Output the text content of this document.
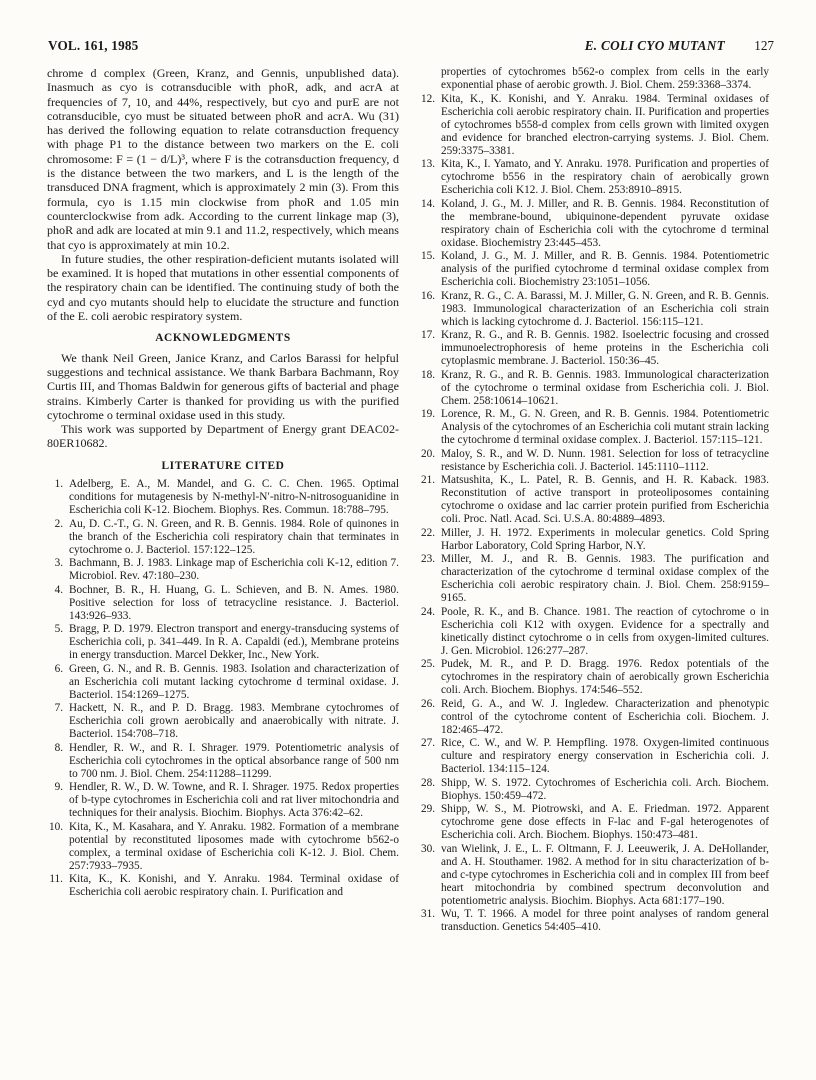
VOL. 161, 1985	E. COLI CYO MUTANT 127

chrome d complex (Green, Kranz, and Gennis, unpublished data). Inasmuch as cyo is cotransducible with phoR, adk, and acrA at frequencies of 7, 10, and 44%, respectively, but cyo and purE are not cotransducible, cyo must be situated between phoR and acrA. Wu (31) has derived the following equation to relate cotransduction frequency with phage P1 to the distance between two markers on the E. coli chromosome: F = (1 − d/L)³, where F is the cotransduction frequency, d is the distance between the two markers, and L is the length of the transduced DNA fragment, which is approximately 2 min (3). From this formula, cyo is 1.15 min clockwise from phoR and 1.05 min counterclockwise from adk. According to the current linkage map (3), phoR and adk are located at min 9.1 and 11.2, respectively, which means that cyo is approximately at min 10.2.

In future studies, the other respiration-deficient mutants isolated will be examined. It is hoped that mutations in other essential components of the respiratory chain can be identified. The continuing study of both the cyd and cyo mutants should help to elucidate the structure and function of the E. coli aerobic respiratory system.

ACKNOWLEDGMENTS

We thank Neil Green, Janice Kranz, and Carlos Barassi for helpful suggestions and technical assistance. We thank Barbara Bachmann, Roy Curtis III, and Thomas Baldwin for generous gifts of bacterial and phage strains. Kimberly Carter is thanked for providing us with the purified cytochrome o terminal oxidase used in this study.

This work was supported by Department of Energy grant DEAC02-80ER10682.

LITERATURE CITED
1. Adelberg, E. A., M. Mandel, and G. C. C. Chen. 1965. Optimal conditions for mutagenesis by N-methyl-N′-nitro-N-nitrosoguanidine in Escherichia coli K-12. Biochem. Biophys. Res. Commun. 18:788–795.
2. Au, D. C.-T., G. N. Green, and R. B. Gennis. 1984. Role of quinones in the branch of the Escherichia coli respiratory chain that terminates in cytochrome o. J. Bacteriol. 157:122–125.
3. Bachmann, B. J. 1983. Linkage map of Escherichia coli K-12, edition 7. Microbiol. Rev. 47:180–230.
4. Bochner, B. R., H. Huang, G. L. Schieven, and B. N. Ames. 1980. Positive selection for loss of tetracycline resistance. J. Bacteriol. 143:926–933.
5. Bragg, P. D. 1979. Electron transport and energy-transducing systems of Escherichia coli, p. 341–449. In R. A. Capaldi (ed.), Membrane proteins in energy transduction. Marcel Dekker, Inc., New York.
6. Green, G. N., and R. B. Gennis. 1983. Isolation and characterization of an Escherichia coli mutant lacking cytochrome d terminal oxidase. J. Bacteriol. 154:1269–1275.
7. Hackett, N. R., and P. D. Bragg. 1983. Membrane cytochromes of Escherichia coli grown aerobically and anaerobically with nitrate. J. Bacteriol. 154:708–718.
8. Hendler, R. W., and R. I. Shrager. 1979. Potentiometric analysis of Escherichia coli cytochromes in the optical absorbance range of 500 nm to 700 nm. J. Biol. Chem. 254:11288–11299.
9. Hendler, R. W., D. W. Towne, and R. I. Shrager. 1975. Redox properties of b-type cytochromes in Escherichia coli and rat liver mitochondria and techniques for their analysis. Biochim. Biophys. Acta 376:42–62.
10. Kita, K., M. Kasahara, and Y. Anraku. 1982. Formation of a membrane potential by reconstituted liposomes made with cytochrome b562-o complex, a terminal oxidase of Escherichia coli K-12. J. Biol. Chem. 257:7933–7935.
11. Kita, K., K. Konishi, and Y. Anraku. 1984. Terminal oxidase of Escherichia coli aerobic respiratory chain. I. Purification and
properties of cytochromes b562-o complex from cells in the early exponential phase of aerobic growth. J. Biol. Chem. 259:3368–3374.
12. Kita, K., K. Konishi, and Y. Anraku. 1984. Terminal oxidases of Escherichia coli aerobic respiratory chain. II. Purification and properties of cytochromes b558-d complex from cells grown with limited oxygen and evidence for branched electron-carrying systems. J. Biol. Chem. 259:3375–3381.
13. Kita, K., I. Yamato, and Y. Anraku. 1978. Purification and properties of cytochrome b556 in the respiratory chain of aerobically grown Escherichia coli K12. J. Biol. Chem. 253:8910–8915.
14. Koland, J. G., M. J. Miller, and R. B. Gennis. 1984. Reconstitution of the membrane-bound, ubiquinone-dependent pyruvate oxidase respiratory chain of Escherichia coli with the cytochrome d terminal oxidase. Biochemistry 23:445–453.
15. Koland, J. G., M. J. Miller, and R. B. Gennis. 1984. Potentiometric analysis of the purified cytochrome d terminal oxidase complex from Escherichia coli. Biochemistry 23:1051–1056.
16. Kranz, R. G., C. A. Barassi, M. J. Miller, G. N. Green, and R. B. Gennis. 1983. Immunological characterization of an Escherichia coli strain which is lacking cytochrome d. J. Bacteriol. 156:115–121.
17. Kranz, R. G., and R. B. Gennis. 1982. Isoelectric focusing and crossed immunoelectrophoresis of heme proteins in the Escherichia coli cytoplasmic membrane. J. Bacteriol. 150:36–45.
18. Kranz, R. G., and R. B. Gennis. 1983. Immunological characterization of the cytochrome o terminal oxidase from Escherichia coli. J. Biol. Chem. 258:10614–10621.
19. Lorence, R. M., G. N. Green, and R. B. Gennis. 1984. Potentiometric Analysis of the cytochromes of an Escherichia coli mutant strain lacking the cytochrome d terminal oxidase complex. J. Bacteriol. 157:115–121.
20. Maloy, S. R., and W. D. Nunn. 1981. Selection for loss of tetracycline resistance by Escherichia coli. J. Bacteriol. 145:1110–1112.
21. Matsushita, K., L. Patel, R. B. Gennis, and H. R. Kaback. 1983. Reconstitution of active transport in proteoliposomes containing cytochrome o oxidase and lac carrier protein purified from Escherichia coli. Proc. Natl. Acad. Sci. U.S.A. 80:4889–4893.
22. Miller, J. H. 1972. Experiments in molecular genetics. Cold Spring Harbor Laboratory, Cold Spring Harbor, N.Y.
23. Miller, M. J., and R. B. Gennis. 1983. The purification and characterization of the cytochrome d terminal oxidase complex of the Escherichia coli aerobic respiratory chain. J. Biol. Chem. 258:9159–9165.
24. Poole, R. K., and B. Chance. 1981. The reaction of cytochrome o in Escherichia coli K12 with oxygen. Evidence for a spectrally and kinetically distinct cytochrome o in cells from oxygen-limited cultures. J. Gen. Microbiol. 126:277–287.
25. Pudek, M. R., and P. D. Bragg. 1976. Redox potentials of the cytochromes in the respiratory chain of aerobically grown Escherichia coli. Arch. Biochem. Biophys. 174:546–552.
26. Reid, G. A., and W. J. Ingledew. Characterization and phenotypic control of the cytochrome content of Escherichia coli. Biochem. J. 182:465–472.
27. Rice, C. W., and W. P. Hempfling. 1978. Oxygen-limited continuous culture and respiratory energy conservation in Escherichia coli. J. Bacteriol. 134:115–124.
28. Shipp, W. S. 1972. Cytochromes of Escherichia coli. Arch. Biochem. Biophys. 150:459–472.
29. Shipp, W. S., M. Piotrowski, and A. E. Friedman. 1972. Apparent cytochrome gene dose effects in F-lac and F-gal heterogenotes of Escherichia coli. Arch. Biochem. Biophys. 150:473–481.
30. van Wielink, J. E., L. F. Oltmann, F. J. Leeuwerik, J. A. DeHollander, and A. H. Stouthamer. 1982. A method for in situ characterization of b- and c-type cytochromes in Escherichia coli and in complex III from beef heart mitochondria by combined spectrum deconvolution and potentiometric analysis. Biochim. Biophys. Acta 681:177–190.
31. Wu, T. T. 1966. A model for three point analyses of random general transduction. Genetics 54:405–410.
